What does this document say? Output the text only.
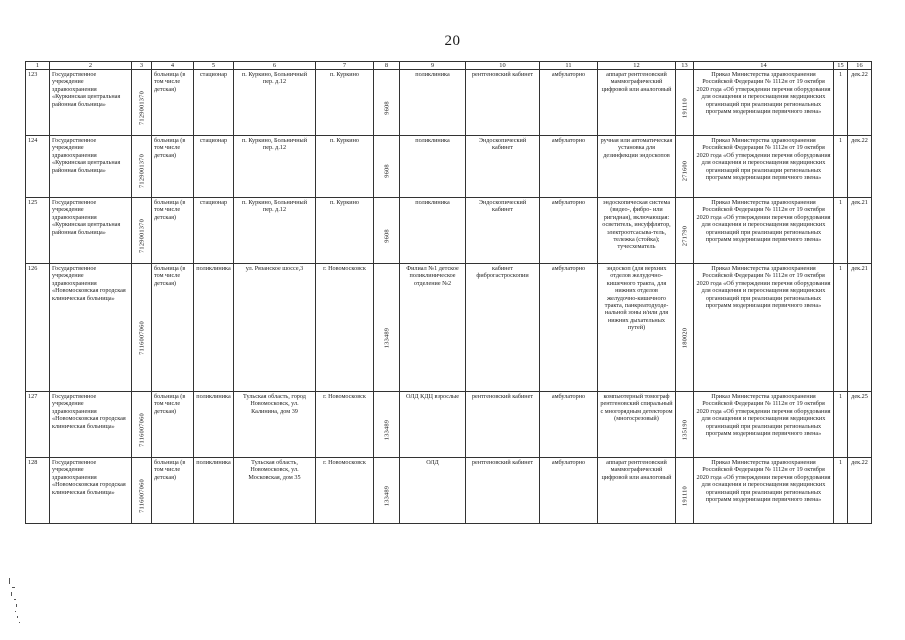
20
1	2	3	4	5	6	7	8	9	10	11	12	13	14	15	16
123	Государственное учреждение здравоохранения «Куркинская центральная районная больница»	7129001370	больница (в том числе детская)	стационар	п. Куркино, Больничный пер. д.12	п. Куркино	9608	поликлиника	рентгеновский кабинет	амбулаторно	аппарат рентгеновский маммографический цифровой или аналоговый	191110	Приказ Министерства здравоохранения Российской Федерации № 1112н от 19 октября 2020 года «Об утверждении перечня оборудования для оснащения и переоснащения медицинских организаций при реализации региональных программ модернизации первичного звена»	1	дек.22
124	Государственное учреждение здравоохранения «Куркинская центральная районная больница»	7129001370	больница (в том числе детская)	стационар	п. Куркино, Больничный пер. д.12	п. Куркино	9608	поликлиника	Эндоскопический кабинет	амбулаторно	ручная или автоматическая установка для дезинфекции эндоскопов	271600	Приказ Министерства здравоохранения Российской Федерации № 1112н от 19 октября 2020 года «Об утверждении перечня оборудования для оснащения и переоснащения медицинских организаций при реализации региональных программ модернизации первичного звена»	1	дек.22
125	Государственное учреждение здравоохранения «Куркинская центральная районная больница»	7129001370	больница (в том числе детская)	стационар	п. Куркино, Больничный пер. д.12	п. Куркино	9608	поликлиника	Эндоскопический кабинет	амбулаторно	эндоскопическая система (видео-, фибро- или ригидная), включающая: осветитель, инсуффлятор, электроотсасыва-тель, тележка (стойка); тучесхематель	271790	Приказ Министерства здравоохранения Российской Федерации № 1112н от 19 октября 2020 года «Об утверждении перечня оборудования для оснащения и переоснащения медицинских организаций при реализации региональных программ модернизации первичного звена»	1	дек.21
126	Государственное учреждение здравоохранения «Новомосковская городская клиническая больница»	7116007060	больница (в том числе детская)	поликлиника	ул. Рязанское шоссе,3	г. Новомосковск	133489	Филиал №1 детское поликлиническое отделение №2	кабинет фиброгастроскопии	амбулаторно	эндоскоп (для верхних отделов желудочно-кишечного тракта, для нижних отделов желудочно-кишечного тракта, панкреатодуоде-нальной зоны и/или для нижних дыхательных путей)	180020	Приказ Министерства здравоохранения Российской Федерации № 1112н от 19 октября 2020 года «Об утверждении перечня оборудования для оснащения и переоснащения медицинских организаций при реализации региональных программ модернизации первичного звена»	1	дек.21
127	Государственное учреждение здравоохранения «Новомосковская городская клиническая больница»	7116007060	больница (в том числе детская)	поликлиника	Тульская область, город Новомосковск, ул. Калинина, дом 39	г. Новомосковск	133489	ОЛД КДЦ взрослые	рентгеновский кабинет	амбулаторно	компьютерный томограф рентгеновский спиральный с многорядным детектором (многосрезовый)	135190	Приказ Министерства здравоохранения Российской Федерации № 1112н от 19 октября 2020 года «Об утверждении перечня оборудования для оснащения и переоснащения медицинских организаций при реализации региональных программ модернизации первичного звена»	1	дек.25
128	Государственное учреждение здравоохранения «Новомосковская городская клиническая больница»	7116007060	больница (в том числе детская)	поликлиника	Тульская область, Новомосковск, ул. Московская, дом 35	г. Новомосковск	133489	ОЛД	рентгеновский кабинет	амбулаторно	аппарат рентгеновский маммографический цифровой или аналоговый	191110	Приказ Министерства здравоохранения Российской Федерации № 1112н от 19 октября 2020 года «Об утверждении перечня оборудования для оснащения и переоснащения медицинских организаций при реализации региональных программ модернизации первичного звена»	1	дек.22
